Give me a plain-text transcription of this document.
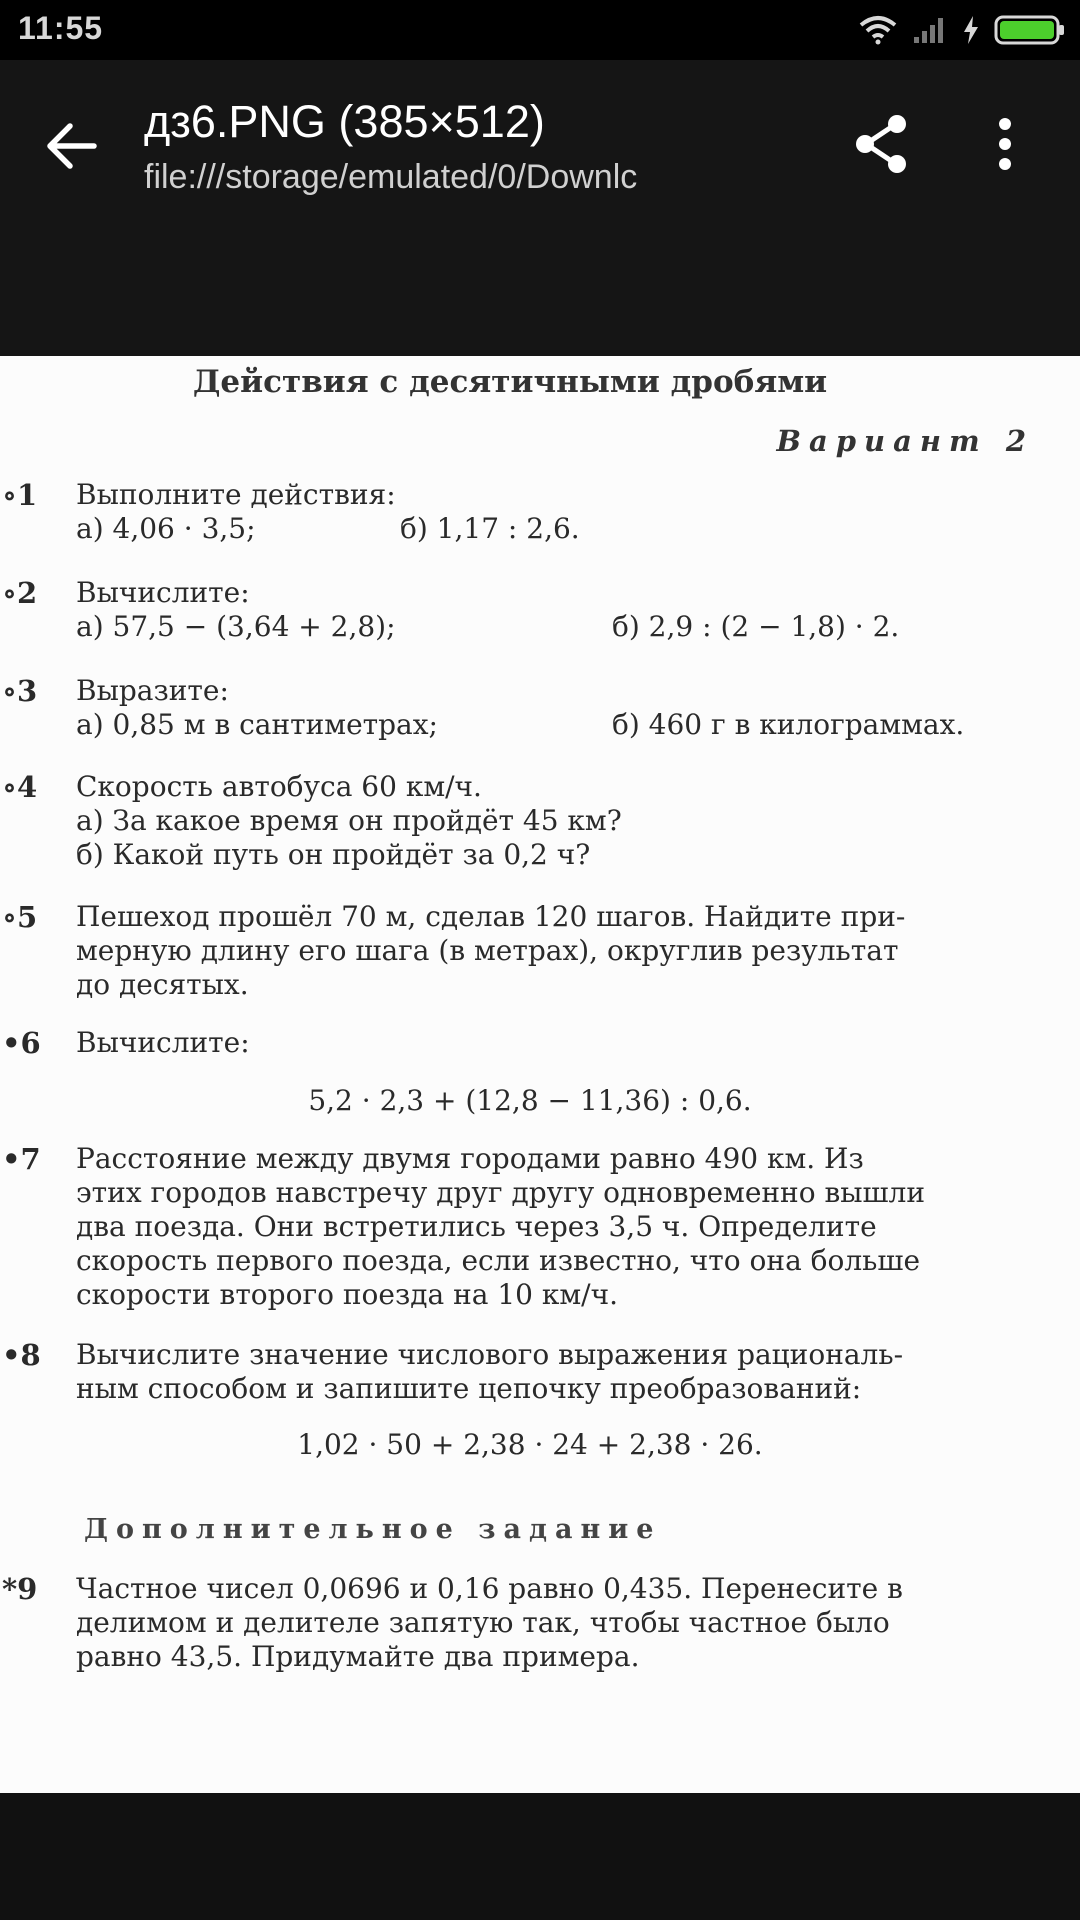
11:55
дз6.PNG (385×512)
file:///storage/emulated/0/Downlc
Действия с десятичными дробями
Вариант 2
∘1	Выполните действия:
а) 4,06 · 3,5;	б) 1,17 : 2,6.
∘2	Вычислите:
а) 57,5 − (3,64 + 2,8);	б) 2,9 : (2 − 1,8) · 2.
∘3	Выразите:
а) 0,85 м в сантиметрах;	б) 460 г в килограммах.
∘4	Скорость автобуса 60 км/ч.
а) За какое время он пройдёт 45 км?
б) Какой путь он пройдёт за 0,2 ч?
∘5	Пешеход прошёл 70 м, сделав 120 шагов. Найдите при-
мерную длину его шага (в метрах), округлив результат
до десятых.
•6	Вычислите:
5,2 · 2,3 + (12,8 − 11,36) : 0,6.
•7	Расстояние между двумя городами равно 490 км. Из
этих городов навстречу друг другу одновременно вышли
два поезда. Они встретились через 3,5 ч. Определите
скорость первого поезда, если известно, что она больше
скорости второго поезда на 10 км/ч.
•8	Вычислите значение числового выражения рациональ-
ным способом и запишите цепочку преобразований:
1,02 · 50 + 2,38 · 24 + 2,38 · 26.
Дополнительное задание
*9	Частное чисел 0,0696 и 0,16 равно 0,435. Перенесите в
делимом и делителе запятую так, чтобы частное было
равно 43,5. Придумайте два примера.
